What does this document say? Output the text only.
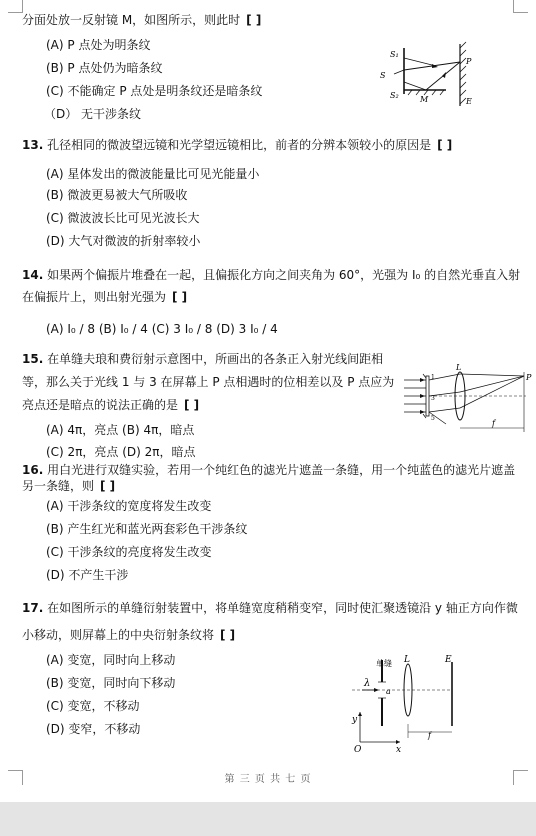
分面处放一反射镜 M，如图所示，则此时 [ ]
(A) P 点处为明条纹
(B) P 点处仍为暗条纹
(C) 不能确定 P 点处是明条纹还是暗条纹
（D） 无干涉条纹
S₁
S
S₂	M
P
E
13. 孔径相同的微波望远镜和光学望远镜相比，前者的分辨本领较小的原因是 [ ]
(A) 星体发出的微波能量比可见光能量小
(B) 微波更易被大气所吸收
(C) 微波波长比可见光波长大
(D) 大气对微波的折射率较小
14. 如果两个偏振片堆叠在一起，且偏振化方向之间夹角为 60°，光强为 I₀ 的自然光垂直入射
在偏振片上，则出射光强为 [ ]
(A) I₀ / 8 (B) I₀ / 4 (C) 3 I₀ / 8 (D) 3 I₀ / 4
15. 在单缝夫琅和费衍射示意图中，所画出的各条正入射光线间距相
等，那么关于光线 1 与 3 在屏幕上 P 点相遇时的位相差以及 P 点应为
亮点还是暗点的说法正确的是 [ ]
(A) 4π，亮点 (B) 4π，暗点
(C) 2π，亮点 (D) 2π，暗点
L
P
f
1
3
5
16. 用白光进行双缝实验，若用一个纯红色的滤光片遮盖一条缝，用一个纯蓝色的滤光片遮盖
另一条缝，则 [ ]
(A) 干涉条纹的宽度将发生改变
(B) 产生红光和蓝光两套彩色干涉条纹
(C) 干涉条纹的亮度将发生改变
(D) 不产生干涉
17. 在如图所示的单缝衍射装置中，将单缝宽度稍稍变窄，同时使汇聚透镜沿 y 轴正方向作微
小移动，则屏幕上的中央衍射条纹将 [ ]
(A) 变宽，同时向上移动
(B) 变宽，同时向下移动
(C) 变宽，不移动
(D) 变窄，不移动
单缝 L	E
λ
a
y
O	x
f
第 三 页 共 七 页
